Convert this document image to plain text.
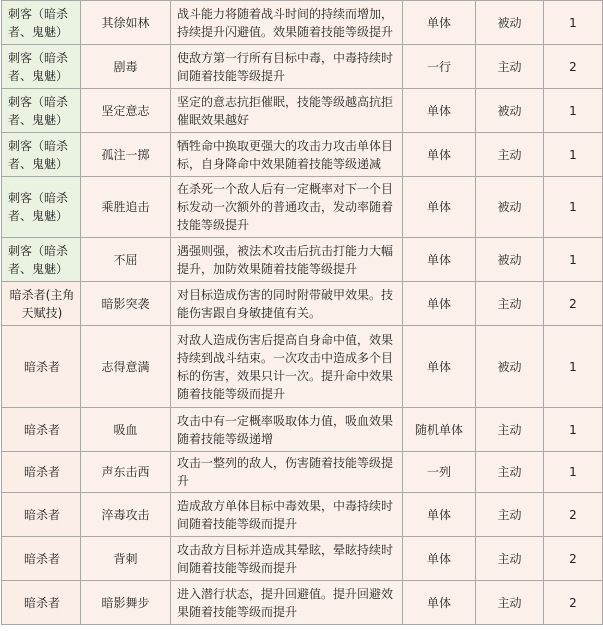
刺客（暗杀者、鬼魅）	其徐如林	战斗能力将随着战斗时间的持续而增加，持续提升闪避值。效果随着技能等级提升	单体	被动	1
刺客（暗杀者、鬼魅）	剧毒	使敌方第一行所有目标中毒，中毒持续时间随着技能等级提升	一行	主动	2
刺客（暗杀者、鬼魅）	坚定意志	坚定的意志抗拒催眠，技能等级越高抗拒催眠效果越好	单体	被动	1
刺客（暗杀者、鬼魅）	孤注一掷	牺牲命中换取更强大的攻击力攻击单体目标，自身降命中效果随着技能等级递减	单体	主动	1
刺客（暗杀者、鬼魅）	乘胜追击	在杀死一个敌人后有一定概率对下一个目标发动一次额外的普通攻击，发动率随着技能等级提升	单体	被动	1
刺客（暗杀者、鬼魅）	不屈	遇强则强，被法术攻击后抗击打能力大幅提升，加防效果随着技能等级提升	单体	被动	1
暗杀者(主角天赋技)	暗影突袭	对目标造成伤害的同时附带破甲效果。技能伤害跟自身敏捷值有关。	单体	主动	2
暗杀者	志得意满	对敌人造成伤害后提高自身命中值，效果持续到战斗结束。一次攻击中造成多个目标的伤害，效果只计一次。提升命中效果随着技能等级而提升	单体	被动	1
暗杀者	吸血	攻击中有一定概率吸取体力值，吸血效果随着技能等级递增	随机单体	主动	1
暗杀者	声东击西	攻击一整列的敌人，伤害随着技能等级提升	一列	主动	1
暗杀者	淬毒攻击	造成敌方单体目标中毒效果，中毒持续时间随着技能等级而提升	单体	主动	2
暗杀者	背刺	攻击敌方目标并造成其晕眩，晕眩持续时间随着技能等级而提升	单体	主动	2
暗杀者	暗影舞步	进入潜行状态，提升回避值。提升回避效果随着技能等级而提升	单体	主动	2
